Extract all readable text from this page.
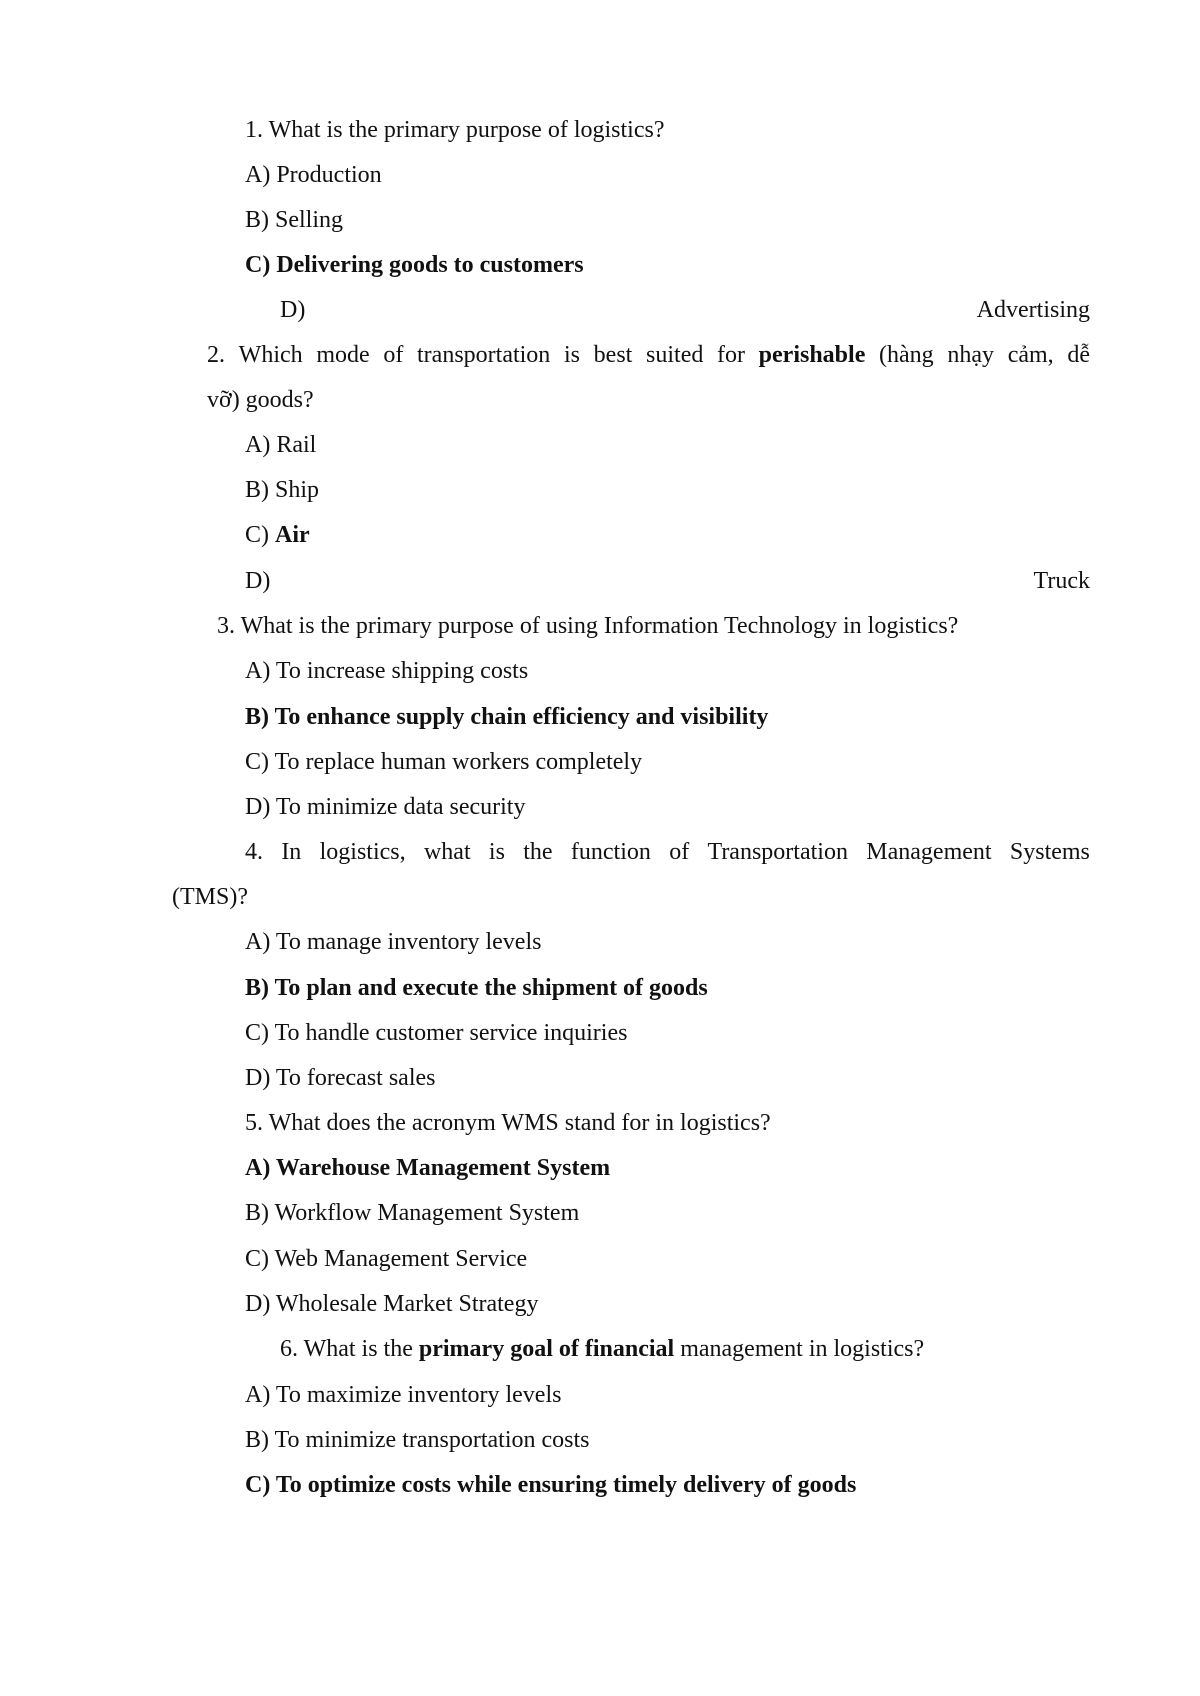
1. What is the primary purpose of logistics?
A) Production
B) Selling
C) Delivering goods to customers
D)	Advertising
2. Which mode of transportation is best suited for perishable (hàng nhạy cảm, dễ
vỡ) goods?
A) Rail
B) Ship
C) Air
D)	Truck
3. What is the primary purpose of using Information Technology in logistics?
A) To increase shipping costs
B) To enhance supply chain efficiency and visibility
C) To replace human workers completely
D) To minimize data security
4. In logistics, what is the function of Transportation Management Systems
(TMS)?
A) To manage inventory levels
B) To plan and execute the shipment of goods
C) To handle customer service inquiries
D) To forecast sales
5. What does the acronym WMS stand for in logistics?
A) Warehouse Management System
B) Workflow Management System
C) Web Management Service
D) Wholesale Market Strategy
6. What is the primary goal of financial management in logistics?
A) To maximize inventory levels
B) To minimize transportation costs
C) To optimize costs while ensuring timely delivery of goods
